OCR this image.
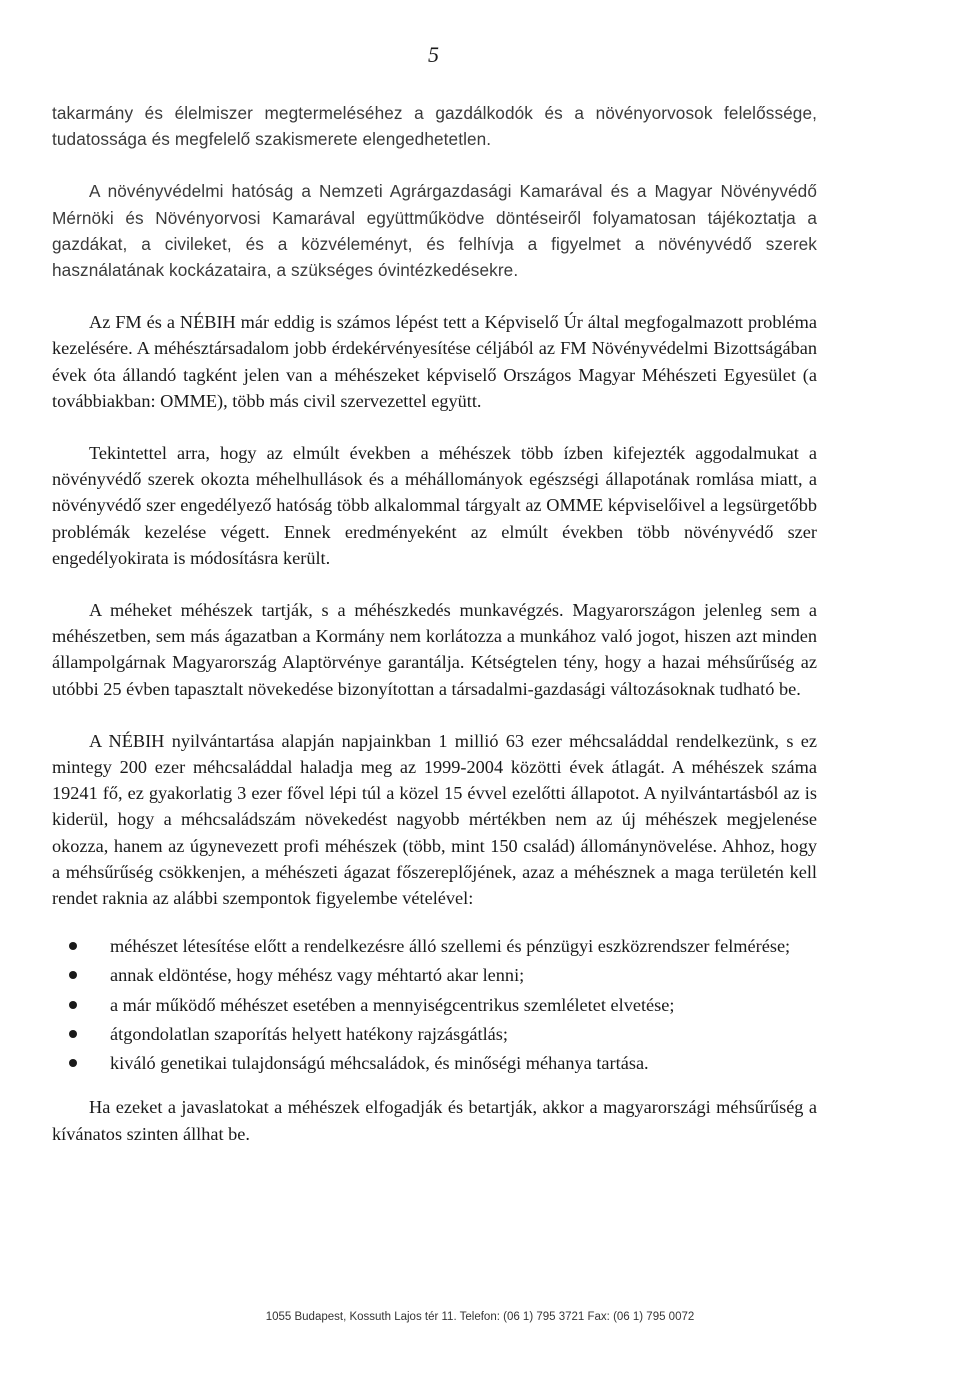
5

takarmány és élelmiszer megtermeléséhez a gazdálkodók és a növényorvosok felelőssége, tudatossága és megfelelő szakismerete elengedhetetlen.

A növényvédelmi hatóság a Nemzeti Agrárgazdasági Kamarával és a Magyar Növényvédő Mérnöki és Növényorvosi Kamarával együttműködve döntéseiről folyamatosan tájékoztatja a gazdákat, a civileket, és a közvéleményt, és felhívja a figyelmet a növényvédő szerek használatának kockázataira, a szükséges óvintézkedésekre.

Az FM és a NÉBIH már eddig is számos lépést tett a Képviselő Úr által megfogalmazott probléma kezelésére. A méhésztársadalom jobb érdekérvényesítése céljából az FM Növényvédelmi Bizottságában évek óta állandó tagként jelen van a méhészeket képviselő Országos Magyar Méhészeti Egyesület (a továbbiakban: OMME), több más civil szervezettel együtt.

Tekintettel arra, hogy az elmúlt években a méhészek több ízben kifejezték aggodalmukat a növényvédő szerek okozta méhelhullások és a méhállományok egészségi állapotának romlása miatt, a növényvédő szer engedélyező hatóság több alkalommal tárgyalt az OMME képviselőivel a legsürgetőbb problémák kezelése végett. Ennek eredményeként az elmúlt években több növényvédő szer engedélyokirata is módosításra került.

A méheket méhészek tartják, s a méhészkedés munkavégzés. Magyarországon jelenleg sem a méhészetben, sem más ágazatban a Kormány nem korlátozza a munkához való jogot, hiszen azt minden állampolgárnak Magyarország Alaptörvénye garantálja. Kétségtelen tény, hogy a hazai méhsűrűség az utóbbi 25 évben tapasztalt növekedése bizonyítottan a társadalmi-gazdasági változásoknak tudható be.

A NÉBIH nyilvántartása alapján napjainkban 1 millió 63 ezer méhcsaláddal rendelkezünk, s ez mintegy 200 ezer méhcsaláddal haladja meg az 1999-2004 közötti évek átlagát. A méhészek száma 19241 fő, ez gyakorlatig 3 ezer fővel lépi túl a közel 15 évvel ezelőtti állapotot. A nyilvántartásból az is kiderül, hogy a méhcsaládszám növekedést nagyobb mértékben nem az új méhészek megjelenése okozza, hanem az úgynevezett profi méhészek (több, mint 150 család) állománynövelése. Ahhoz, hogy a méhsűrűség csökkenjen, a méhészeti ágazat főszereplőjének, azaz a méhésznek a maga területén kell rendet raknia az alábbi szempontok figyelembe vételével:

méhészet létesítése előtt a rendelkezésre álló szellemi és pénzügyi eszközrendszer felmérése;
annak eldöntése, hogy méhész vagy méhtartó akar lenni;
a már működő méhészet esetében a mennyiségcentrikus szemléletet elvetése;
átgondolatlan szaporítás helyett hatékony rajzásgátlás;
kiváló genetikai tulajdonságú méhcsaládok, és minőségi méhanya tartása.

Ha ezeket a javaslatokat a méhészek elfogadják és betartják, akkor a magyarországi méhsűrűség a kívánatos szinten állhat be.

1055 Budapest, Kossuth Lajos tér 11. Telefon: (06 1) 795 3721 Fax: (06 1) 795 0072
